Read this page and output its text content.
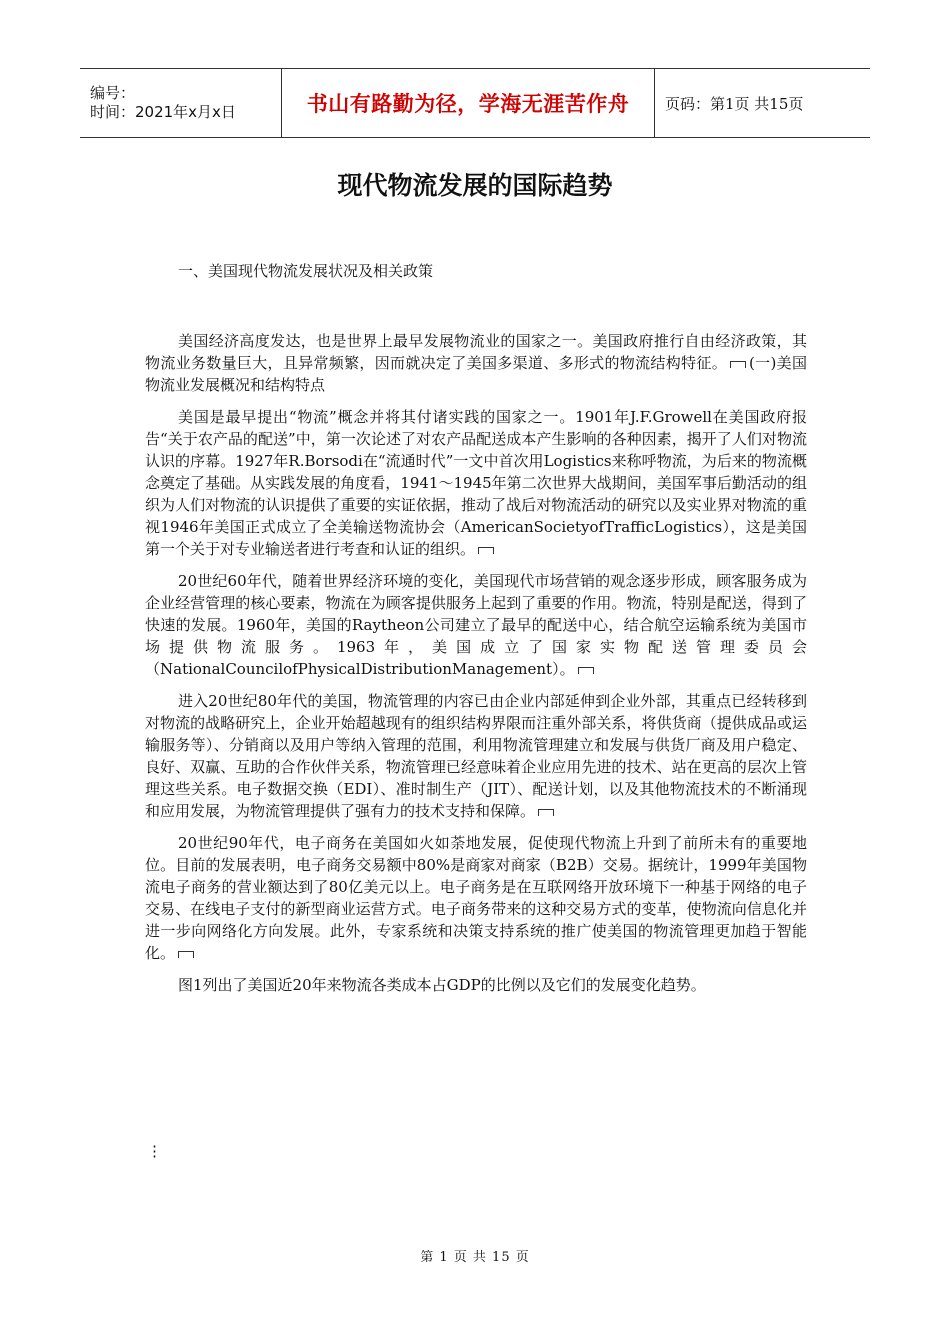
编号：
时间：2021年x月x日	书山有路勤为径，学海无涯苦作舟	页码：第1页 共15页
现代物流发展的国际趋势
一、美国现代物流发展状况及相关政策

美国经济高度发达，也是世界上最早发展物流业的国家之一。美国政府推行自由经济政策，其物流业务数量巨大，且异常频繁，因而就决定了美国多渠道、多形式的物流结构特征。 (一)美国物流业发展概况和结构特点

美国是最早提出“物流”概念并将其付诸实践的国家之一。1901年J.F.Growell在美国政府报告“关于农产品的配送”中，第一次论述了对农产品配送成本产生影响的各种因素，揭开了人们对物流认识的序幕。1927年R.Borsodi在“流通时代”一文中首次用Logistics来称呼物流，为后来的物流概念奠定了基础。从实践发展的角度看，1941～1945年第二次世界大战期间，美国军事后勤活动的组织为人们对物流的认识提供了重要的实证依据，推动了战后对物流活动的研究以及实业界对物流的重视1946年美国正式成立了全美输送物流协会（AmericanSocietyofTrafficLogistics），这是美国第一个关于对专业输送者进行考查和认证的组织。

20世纪60年代，随着世界经济环境的变化，美国现代市场营销的观念逐步形成，顾客服务成为企业经营管理的核心要素，物流在为顾客提供服务上起到了重要的作用。物流，特别是配送，得到了快速的发展。1960年，美国的Raytheon公司建立了最早的配送中心，结合航空运输系统为美国市场提供物流服务。1963年，美国成立了国家实物配送管理委员会（NationalCouncilofPhysicalDistributionManagement）。

进入20世纪80年代的美国，物流管理的内容已由企业内部延伸到企业外部，其重点已经转移到对物流的战略研究上，企业开始超越现有的组织结构界限而注重外部关系，将供货商（提供成品或运输服务等）、分销商以及用户等纳入管理的范围，利用物流管理建立和发展与供货厂商及用户稳定、良好、双赢、互助的合作伙伴关系，物流管理已经意味着企业应用先进的技术、站在更高的层次上管理这些关系。电子数据交换（EDI）、准时制生产（JIT）、配送计划，以及其他物流技术的不断涌现和应用发展，为物流管理提供了强有力的技术支持和保障。

20世纪90年代，电子商务在美国如火如荼地发展，促使现代物流上升到了前所未有的重要地位。目前的发展表明，电子商务交易额中80%是商家对商家（B2B）交易。据统计，1999年美国物流电子商务的营业额达到了80亿美元以上。电子商务是在互联网络开放环境下一种基于网络的电子交易、在线电子支付的新型商业运营方式。电子商务带来的这种交易方式的变革，使物流向信息化并进一步向网络化方向发展。此外，专家系统和决策支持系统的推广使美国的物流管理更加趋于智能化。

图1列出了美国近20年来物流各类成本占GDP的比例以及它们的发展变化趋势。

⋮
第 1 页 共 15 页
